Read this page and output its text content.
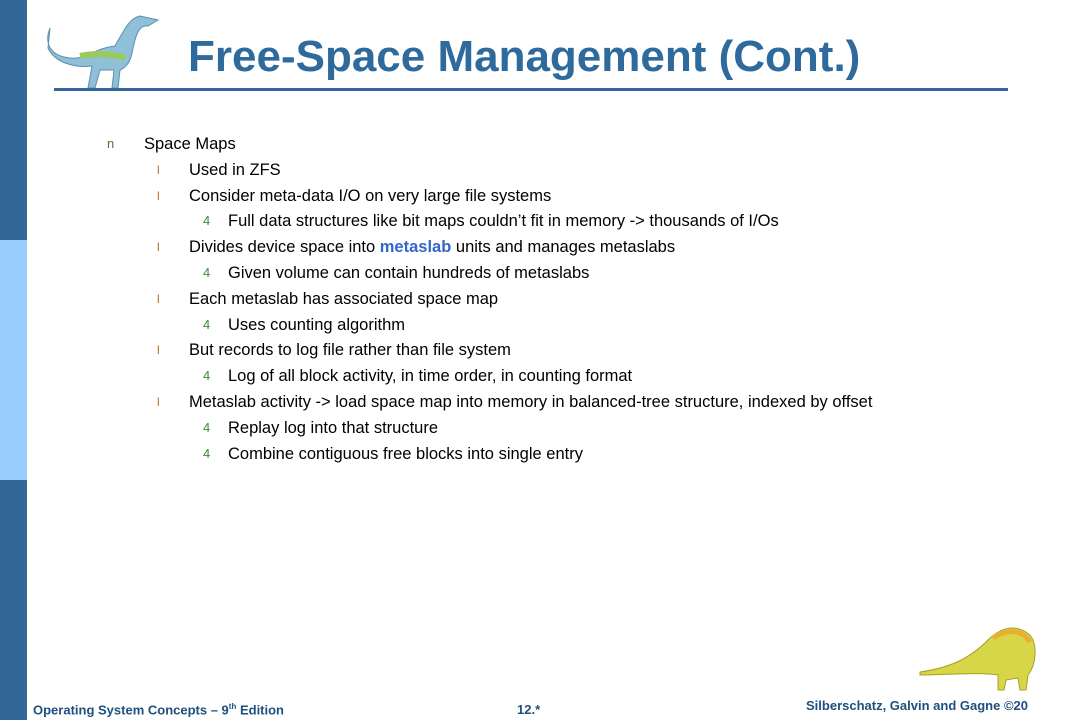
Free-Space Management (Cont.)
n Space Maps
l Used in ZFS
l Consider meta-data I/O on very large file systems
4 Full data structures like bit maps couldn’t fit in memory -> thousands of I/Os
l Divides device space into metaslab units and manages metaslabs
4 Given volume can contain hundreds of metaslabs
l Each metaslab has associated space map
4 Uses counting algorithm
l But records to log file rather than file system
4 Log of all block activity, in time order, in counting format
l Metaslab activity -> load space map into memory in balanced-tree structure, indexed by offset
4 Replay log into that structure
4 Combine contiguous free blocks into single entry
Operating System Concepts – 9th Edition	12.*	Silberschatz, Galvin and Gagne ©20
